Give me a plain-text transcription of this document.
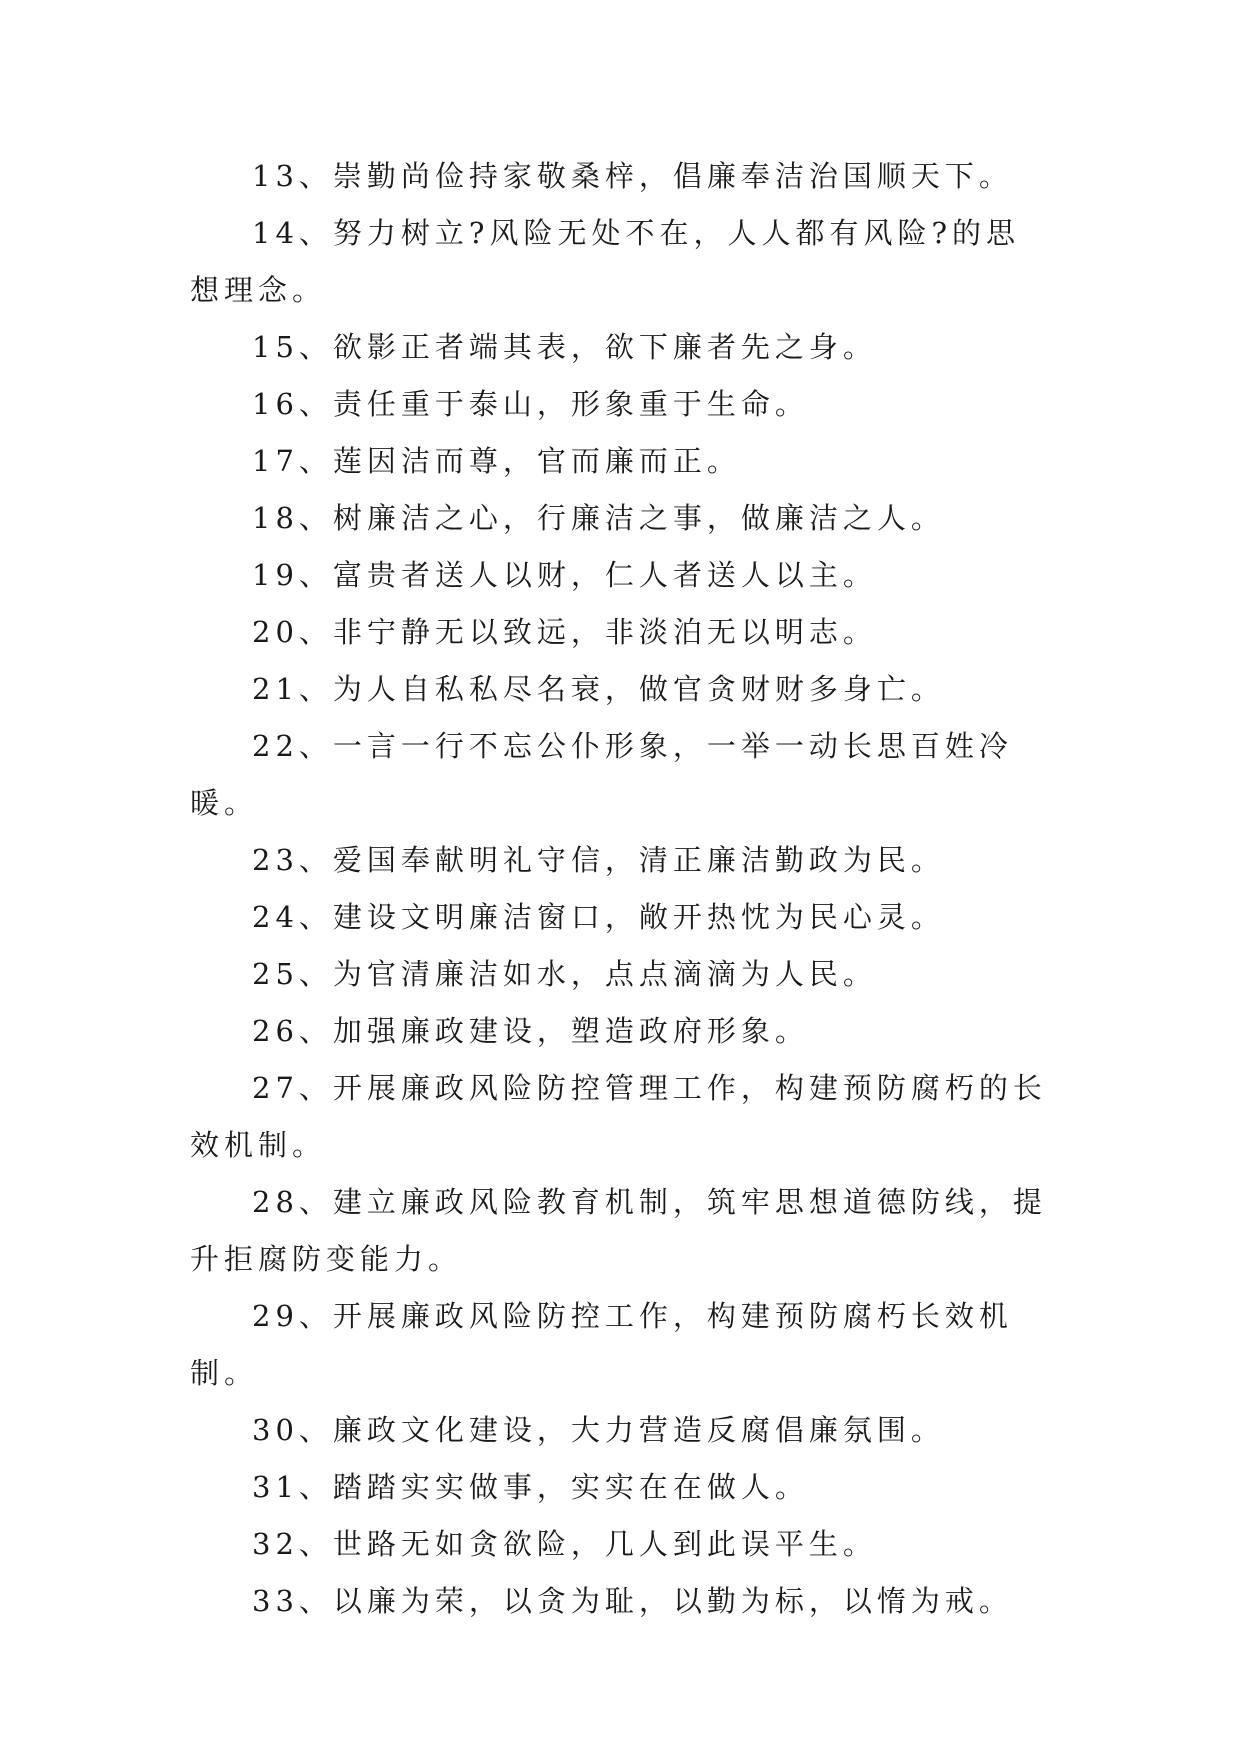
13、崇勤尚俭持家敬桑梓，倡廉奉洁治国顺天下。

14、努力树立?风险无处不在，人人都有风险?的思想理念。

15、欲影正者端其表，欲下廉者先之身。

16、责任重于泰山，形象重于生命。

17、莲因洁而尊，官而廉而正。

18、树廉洁之心，行廉洁之事，做廉洁之人。

19、富贵者送人以财，仁人者送人以主。

20、非宁静无以致远，非淡泊无以明志。

21、为人自私私尽名衰，做官贪财财多身亡。

22、一言一行不忘公仆形象，一举一动长思百姓冷暖。

23、爱国奉献明礼守信，清正廉洁勤政为民。

24、建设文明廉洁窗口，敞开热忱为民心灵。

25、为官清廉洁如水，点点滴滴为人民。

26、加强廉政建设，塑造政府形象。

27、开展廉政风险防控管理工作，构建预防腐朽的长效机制。

28、建立廉政风险教育机制，筑牢思想道德防线，提升拒腐防变能力。

29、开展廉政风险防控工作，构建预防腐朽长效机制。

30、廉政文化建设，大力营造反腐倡廉氛围。

31、踏踏实实做事，实实在在做人。

32、世路无如贪欲险，几人到此误平生。

33、以廉为荣，以贪为耻，以勤为标，以惰为戒。
